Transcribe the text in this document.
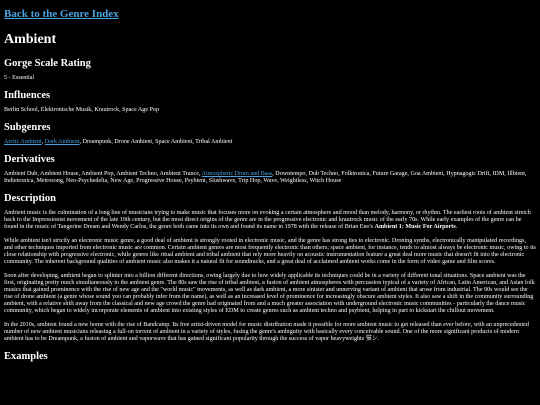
Back to the Genre Index
Ambient
Gorge Scale Rating

5 - Essential

Influences

Berlin School, Elektronische Musik, Krautrock, Space Age Pop

Subgenres

Arctic Ambient, Dark Ambient, Dreampunk, Drone Ambient, Space Ambient, Tribal Ambient

Derivatives

Ambient Dub, Ambient House, Ambient Pop, Ambient Techno, Ambient Trance, Atmospheric Drum and Bass, Downtempo, Dub Techno, Folktronica, Future Garage, Goa Ambient, Hypnagogic Drift, IDM, Illbient, Indietronica, Metrosong, Neo-Psychedelia, New Age, Progressive House, Psybient, Slushwave, Trip Hop, Wave, Weightless, Witch House

Description

Ambient music is the culmination of a long line of musicians trying to make music that focuses more on evoking a certain atmosphere and mood than melody, harmony, or rhythm. The earliest roots of ambient stretch back to the Impressionist movement of the late 19th century, but the most direct origins of the genre are in the progressive electronic and krautrock music of the early 70s. While early examples of the genre can be found in the music of Tangerine Dream and Wendy Carlos, the genre both came into its own and found its name in 1978 with the release of Brian Eno's Ambient 1: Music For Airports.

While ambient isn't strictly an electronic music genre, a good deal of ambient is strongly rooted in electronic music, and the genre has strong ties to electronic. Droning synths, electronically manipulated recordings, and other techniques imported from electronic music are common. Certain ambient genres are most frequently electronic than others; space ambient, for instance, tends to almost always be electronic music, owing to its close relationship with progressive electronic, while genres like ritual ambient and tribal ambient that rely more heavily on acoustic instrumentation feature a great deal more music that doesn't fit into the electronic community. The inherent background qualities of ambient music also makes it a natural fit for soundtracks, and a great deal of acclaimed ambient works come in the form of video game and film scores.

Soon after developing, ambient began to splinter into a billion different directions, owing largely due to how widely applicable its techniques could be in a variety of different tonal situations. Space ambient was the first, originating pretty much simultaneously to the ambient genre. The 80s saw the rise of tribal ambient, a fusion of ambient atmospheres with percussion typical of a variety of African, Latin American, and Asian folk musics that gained prominence with the rise of new age and the "world music" movements, as well as dark ambient, a more sinister and unnerving variant of ambient that arose from industrial. The 90s would see the rise of drone ambient (a genre whose sound you can probably infer from the name), as well as an increased level of prominence for increasingly obscure ambient styles. It also saw a shift in the community surrounding ambient, with a relative shift away from the classical and new age crowd the genre had originated from and a much greater association with underground electronic music communities - particularly the dance music community, which began to widely incorporate elements of ambient into existing styles of EDM to create genres such as ambient techno and psybient, helping in part to kickstart the chillout movement.

In the 2010s, ambient found a new home with the rise of Bandcamp. Its free artist-driven model for music distribution made it possible for more ambient music to get released than ever before, with an unprecedented number of new ambient musicians releasing a full-on torrent of ambient in a variety of styles, fusing the genre's ambiguity with basically every conceivable sound. One of the more significant products of modern ambient has to be Dreampunk, a fusion of ambient and vaporwave that has gained significant popularity through the success of vapor heavyweights 猫シ.

Examples
